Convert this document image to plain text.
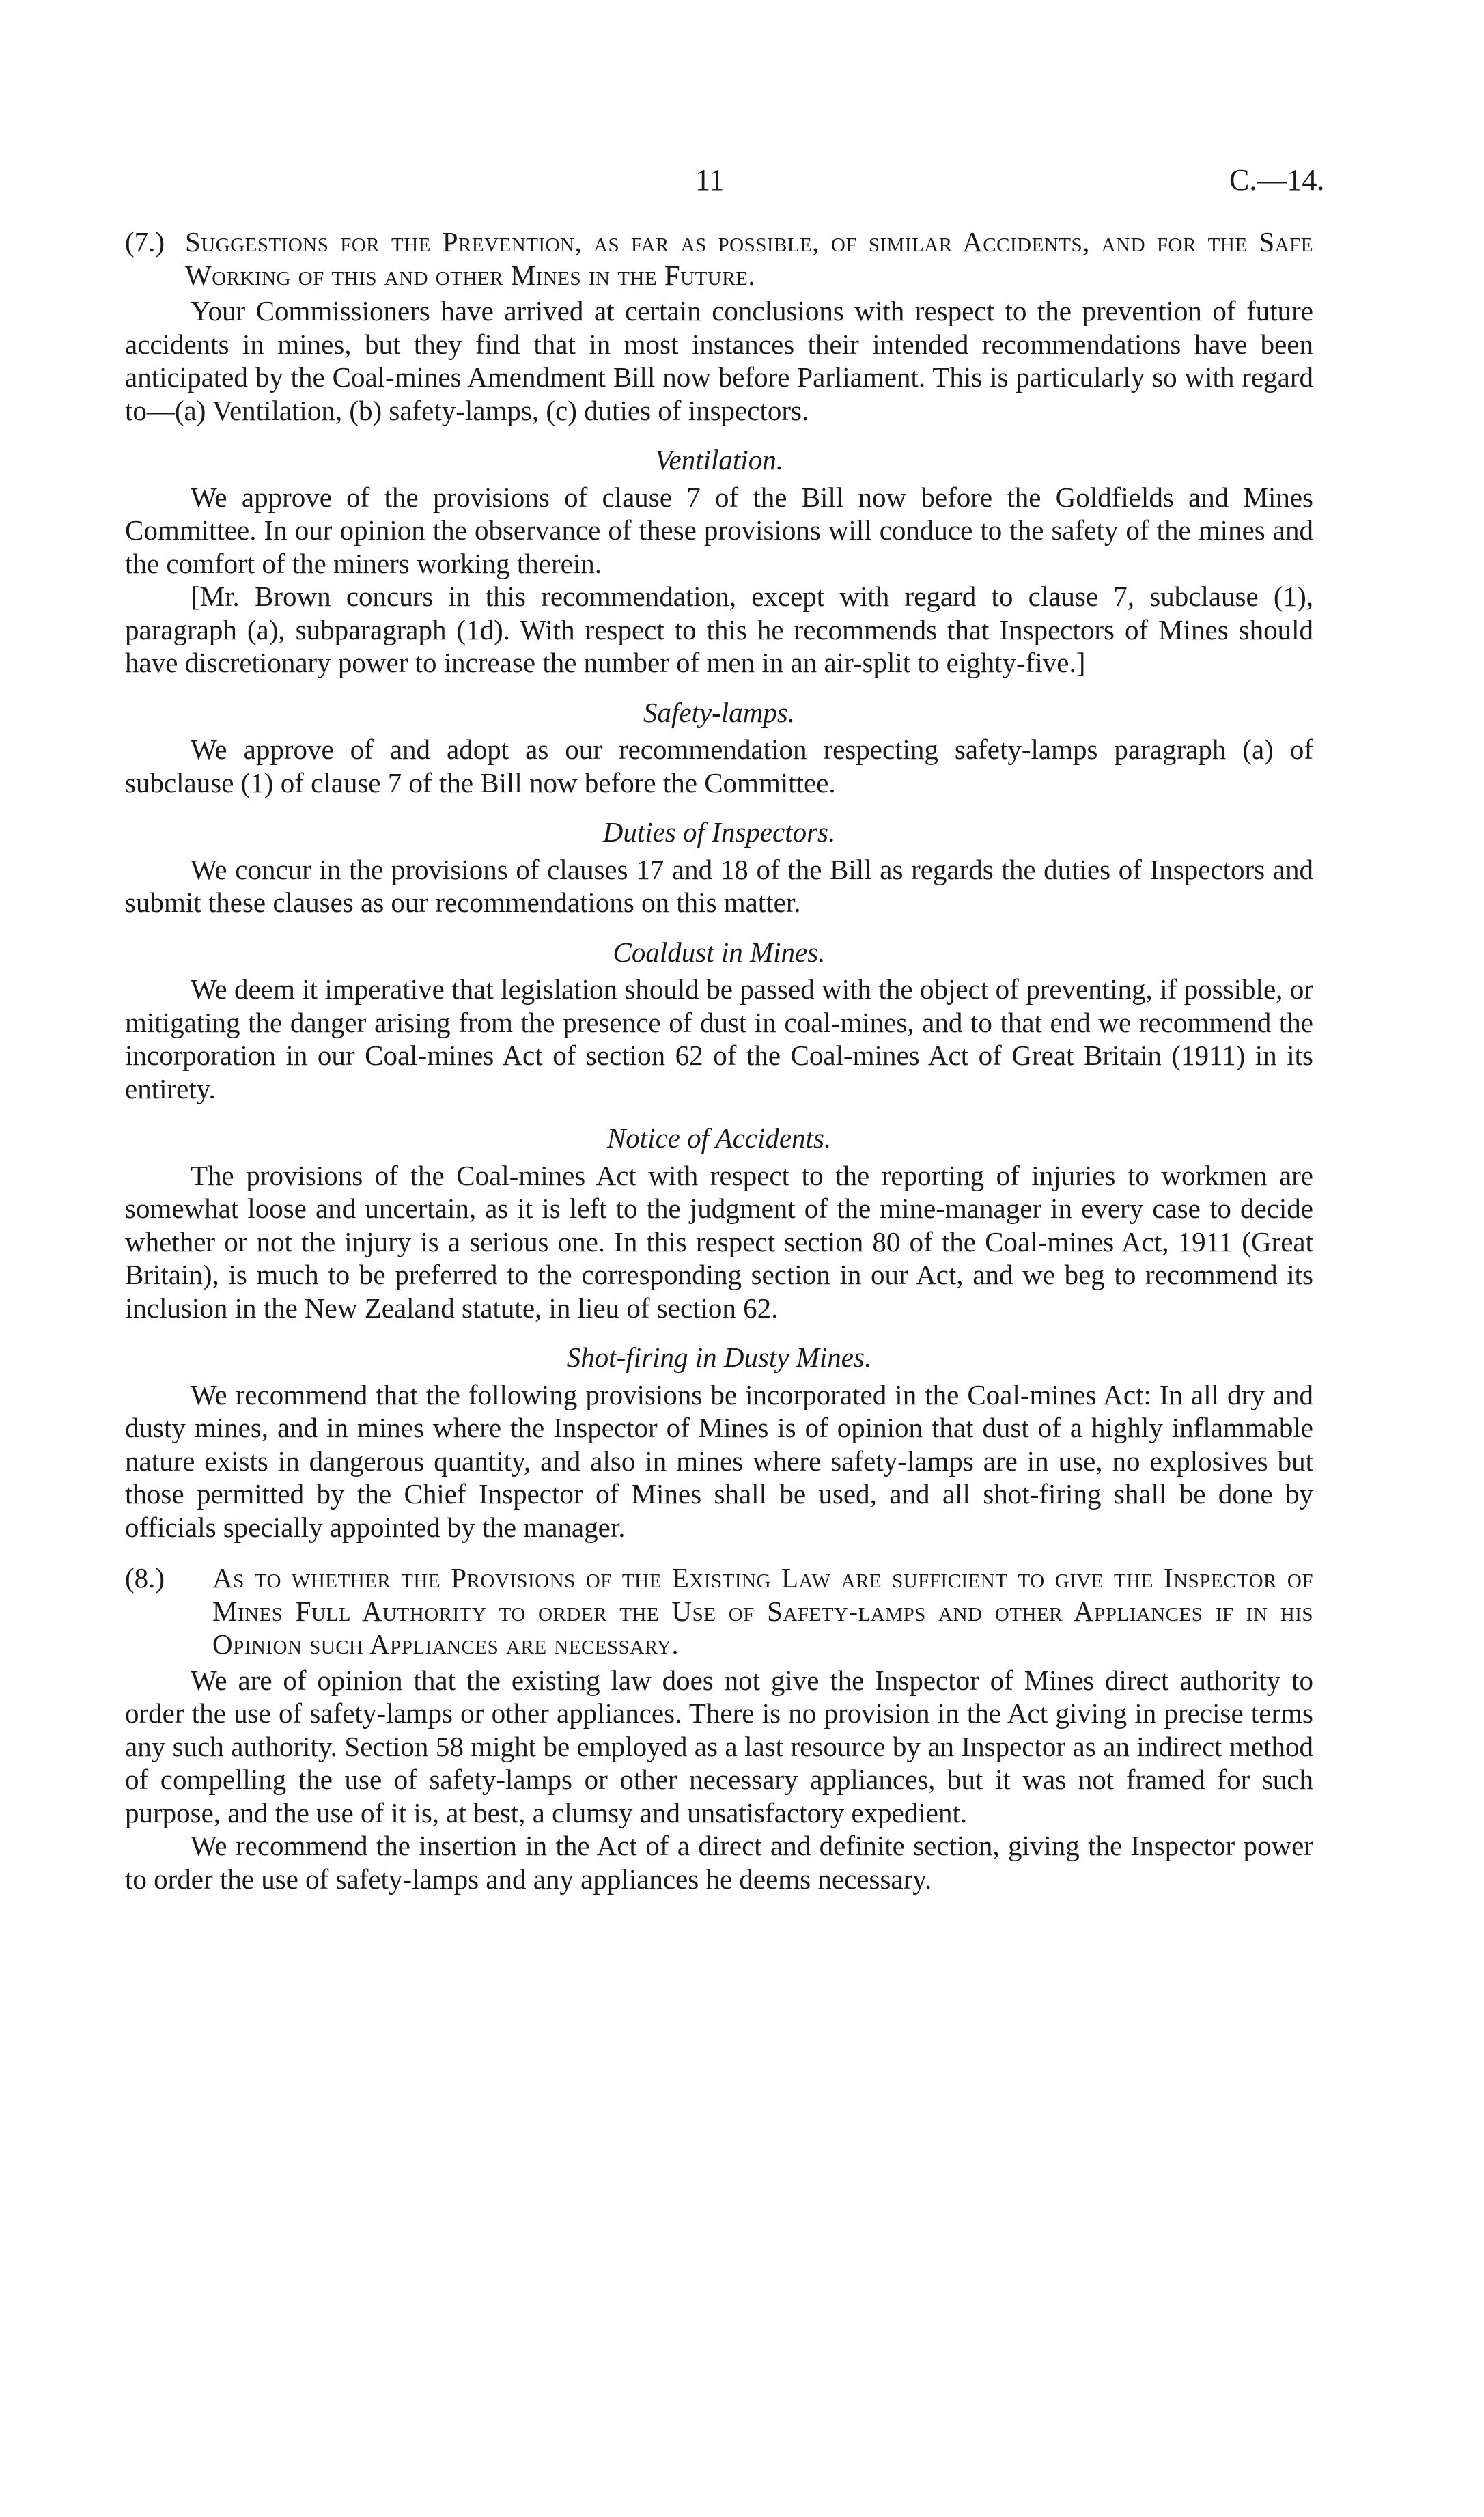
11	C.—14.

(7.) Suggestions for the Prevention, as far as possible, of similar Accidents, and for the Safe Working of this and other Mines in the Future.

Your Commissioners have arrived at certain conclusions with respect to the prevention of future accidents in mines, but they find that in most instances their intended recommendations have been anticipated by the Coal-mines Amendment Bill now before Parliament. This is particularly so with regard to—(a) Ventilation, (b) safety-lamps, (c) duties of inspectors.

Ventilation.

We approve of the provisions of clause 7 of the Bill now before the Goldfields and Mines Committee. In our opinion the observance of these provisions will conduce to the safety of the mines and the comfort of the miners working therein.

[Mr. Brown concurs in this recommendation, except with regard to clause 7, subclause (1), paragraph (a), subparagraph (1d). With respect to this he recommends that Inspectors of Mines should have discretionary power to increase the number of men in an air-split to eighty-five.]

Safety-lamps.

We approve of and adopt as our recommendation respecting safety-lamps paragraph (a) of subclause (1) of clause 7 of the Bill now before the Committee.

Duties of Inspectors.

We concur in the provisions of clauses 17 and 18 of the Bill as regards the duties of Inspectors and submit these clauses as our recommendations on this matter.

Coaldust in Mines.

We deem it imperative that legislation should be passed with the object of preventing, if possible, or mitigating the danger arising from the presence of dust in coal-mines, and to that end we recommend the incorporation in our Coal-mines Act of section 62 of the Coal-mines Act of Great Britain (1911) in its entirety.

Notice of Accidents.

The provisions of the Coal-mines Act with respect to the reporting of injuries to workmen are somewhat loose and uncertain, as it is left to the judgment of the mine-manager in every case to decide whether or not the injury is a serious one. In this respect section 80 of the Coal-mines Act, 1911 (Great Britain), is much to be preferred to the corresponding section in our Act, and we beg to recommend its inclusion in the New Zealand statute, in lieu of section 62.

Shot-firing in Dusty Mines.

We recommend that the following provisions be incorporated in the Coal-mines Act: In all dry and dusty mines, and in mines where the Inspector of Mines is of opinion that dust of a highly inflammable nature exists in dangerous quantity, and also in mines where safety-lamps are in use, no explosives but those permitted by the Chief Inspector of Mines shall be used, and all shot-firing shall be done by officials specially appointed by the manager.

(8.)	As to whether the Provisions of the Existing Law are sufficient to give the Inspector of Mines Full Authority to order the Use of Safety-lamps and other Appliances if in his Opinion such Appliances are necessary.

We are of opinion that the existing law does not give the Inspector of Mines direct authority to order the use of safety-lamps or other appliances. There is no provision in the Act giving in precise terms any such authority. Section 58 might be employed as a last resource by an Inspector as an indirect method of compelling the use of safety-lamps or other necessary appliances, but it was not framed for such purpose, and the use of it is, at best, a clumsy and unsatisfactory expedient.

We recommend the insertion in the Act of a direct and definite section, giving the Inspector power to order the use of safety-lamps and any appliances he deems necessary.
